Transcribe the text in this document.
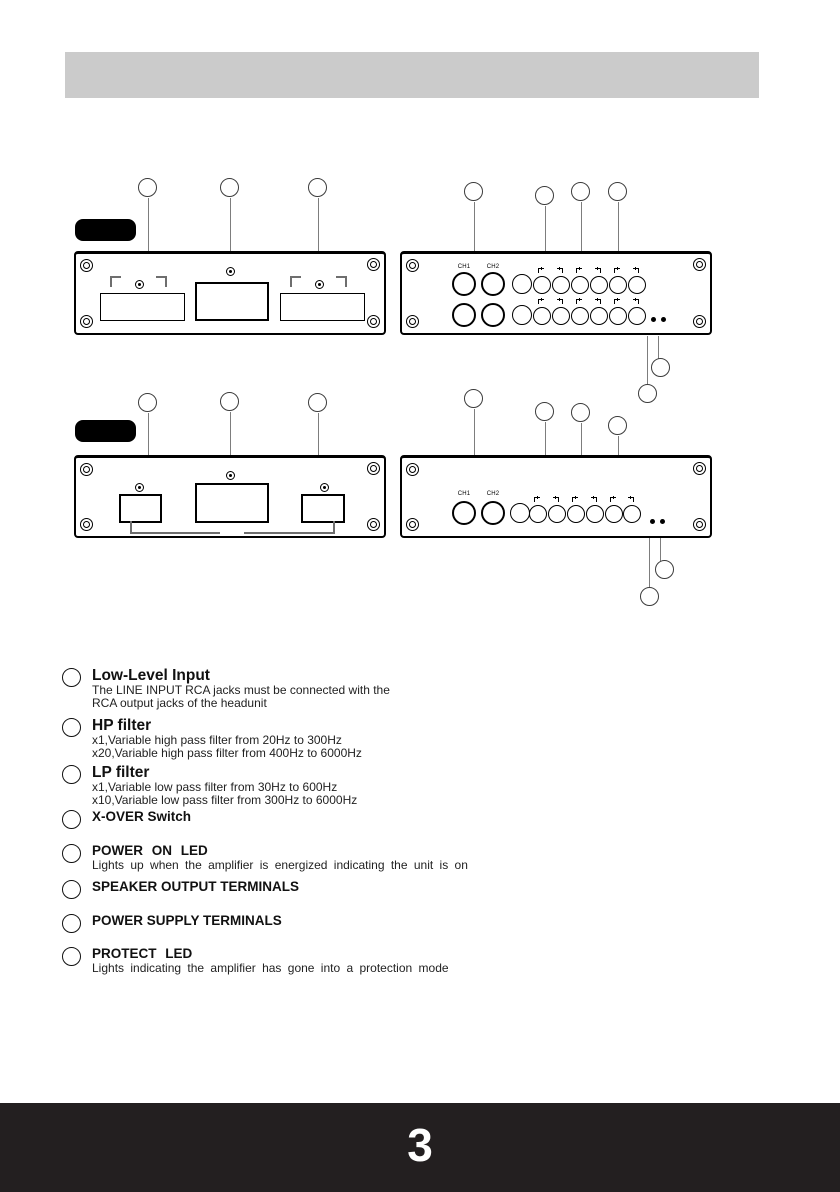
CH1	CH2
CH1	CH2
Low-Level Input
The LINE INPUT RCA jacks must be connected with the
RCA output jacks of the headunit
HP filter
x1,Variable high pass filter from 20Hz to 300Hz
x20,Variable high pass filter from 400Hz to 6000Hz
LP filter
x1,Variable low pass filter from 30Hz to 600Hz
x10,Variable low pass filter from 300Hz to 6000Hz
X-OVER Switch
POWER ON LED
Lights up when the amplifier is energized indicating the unit is on
SPEAKER OUTPUT TERMINALS
POWER SUPPLY TERMINALS
PROTECT LED
Lights indicating the amplifier has gone into a protection mode
3
